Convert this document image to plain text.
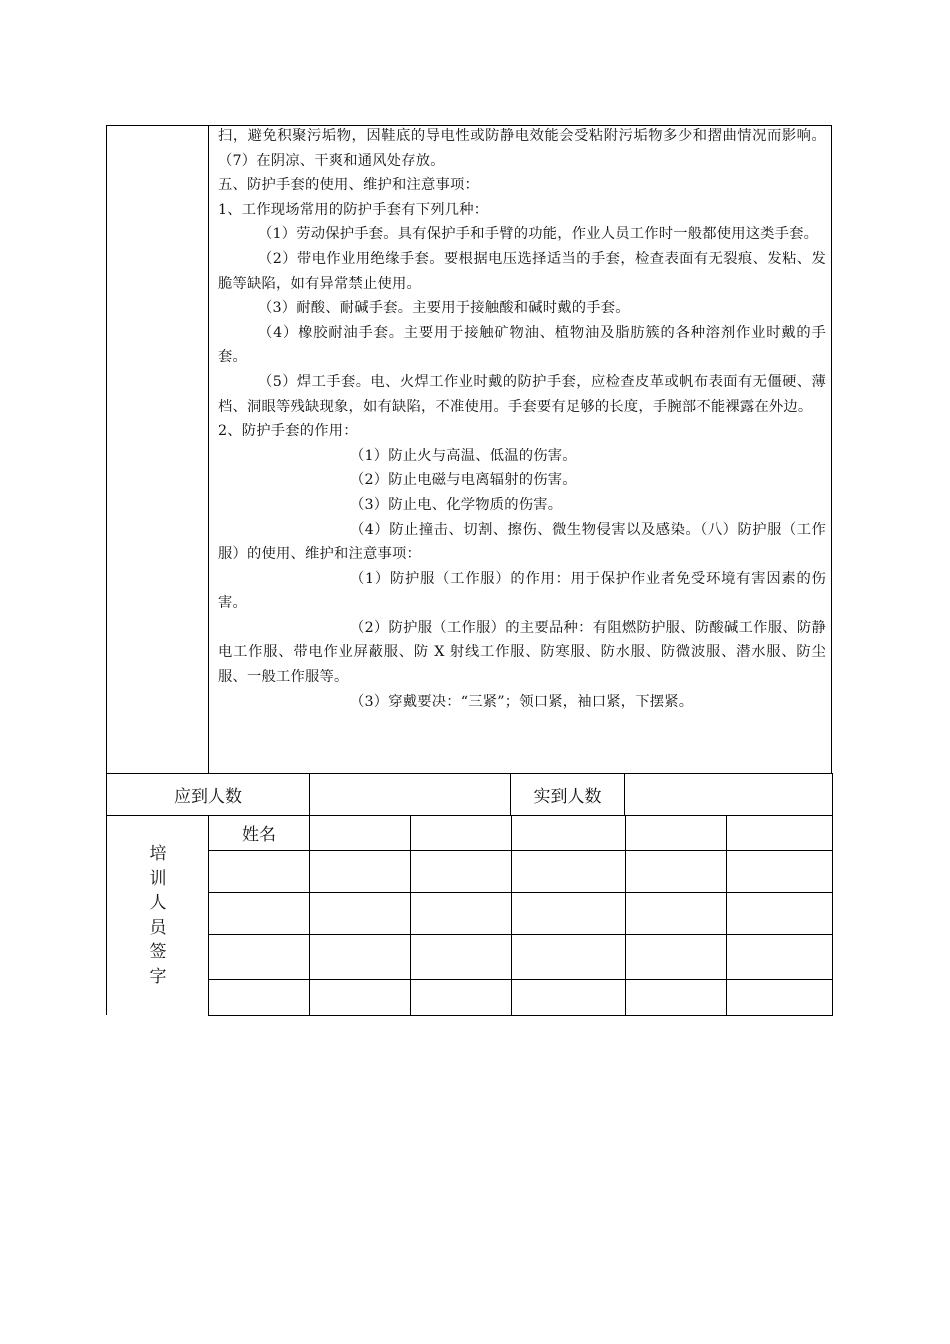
扫，避免积聚污垢物，因鞋底的导电性或防静电效能会受粘附污垢物多少和摺曲情况而影响。（7）在阴凉、干爽和通风处存放。

五、防护手套的使用、维护和注意事项：

1、工作现场常用的防护手套有下列几种：

（1）劳动保护手套。具有保护手和手臂的功能，作业人员工作时一般都使用这类手套。

（2）带电作业用绝缘手套。要根据电压选择适当的手套，检查表面有无裂痕、发粘、发脆等缺陷，如有异常禁止使用。

（3）耐酸、耐碱手套。主要用于接触酸和碱时戴的手套。

（4）橡胶耐油手套。主要用于接触矿物油、植物油及脂肪簇的各种溶剂作业时戴的手套。

（5）焊工手套。电、火焊工作业时戴的防护手套，应检查皮革或帆布表面有无僵硬、薄档、洞眼等残缺现象，如有缺陷，不准使用。手套要有足够的长度，手腕部不能裸露在外边。

2、防护手套的作用：

（1）防止火与高温、低温的伤害。

（2）防止电磁与电离辐射的伤害。

（3）防止电、化学物质的伤害。

（4）防止撞击、切割、擦伤、微生物侵害以及感染。（八）防护服（工作服）的使用、维护和注意事项：

（1）防护服（工作服）的作用：用于保护作业者免受环境有害因素的伤害。

（2）防护服（工作服）的主要品种：有阻燃防护服、防酸碱工作服、防静电工作服、带电作业屏蔽服、防 X 射线工作服、防寒服、防水服、防微波服、潜水服、防尘服、一般工作服等。

（3）穿戴要决：“三紧”；领口紧，袖口紧，下摆紧。

应到人数	实到人数
培
训
人
员
签
字
姓名
